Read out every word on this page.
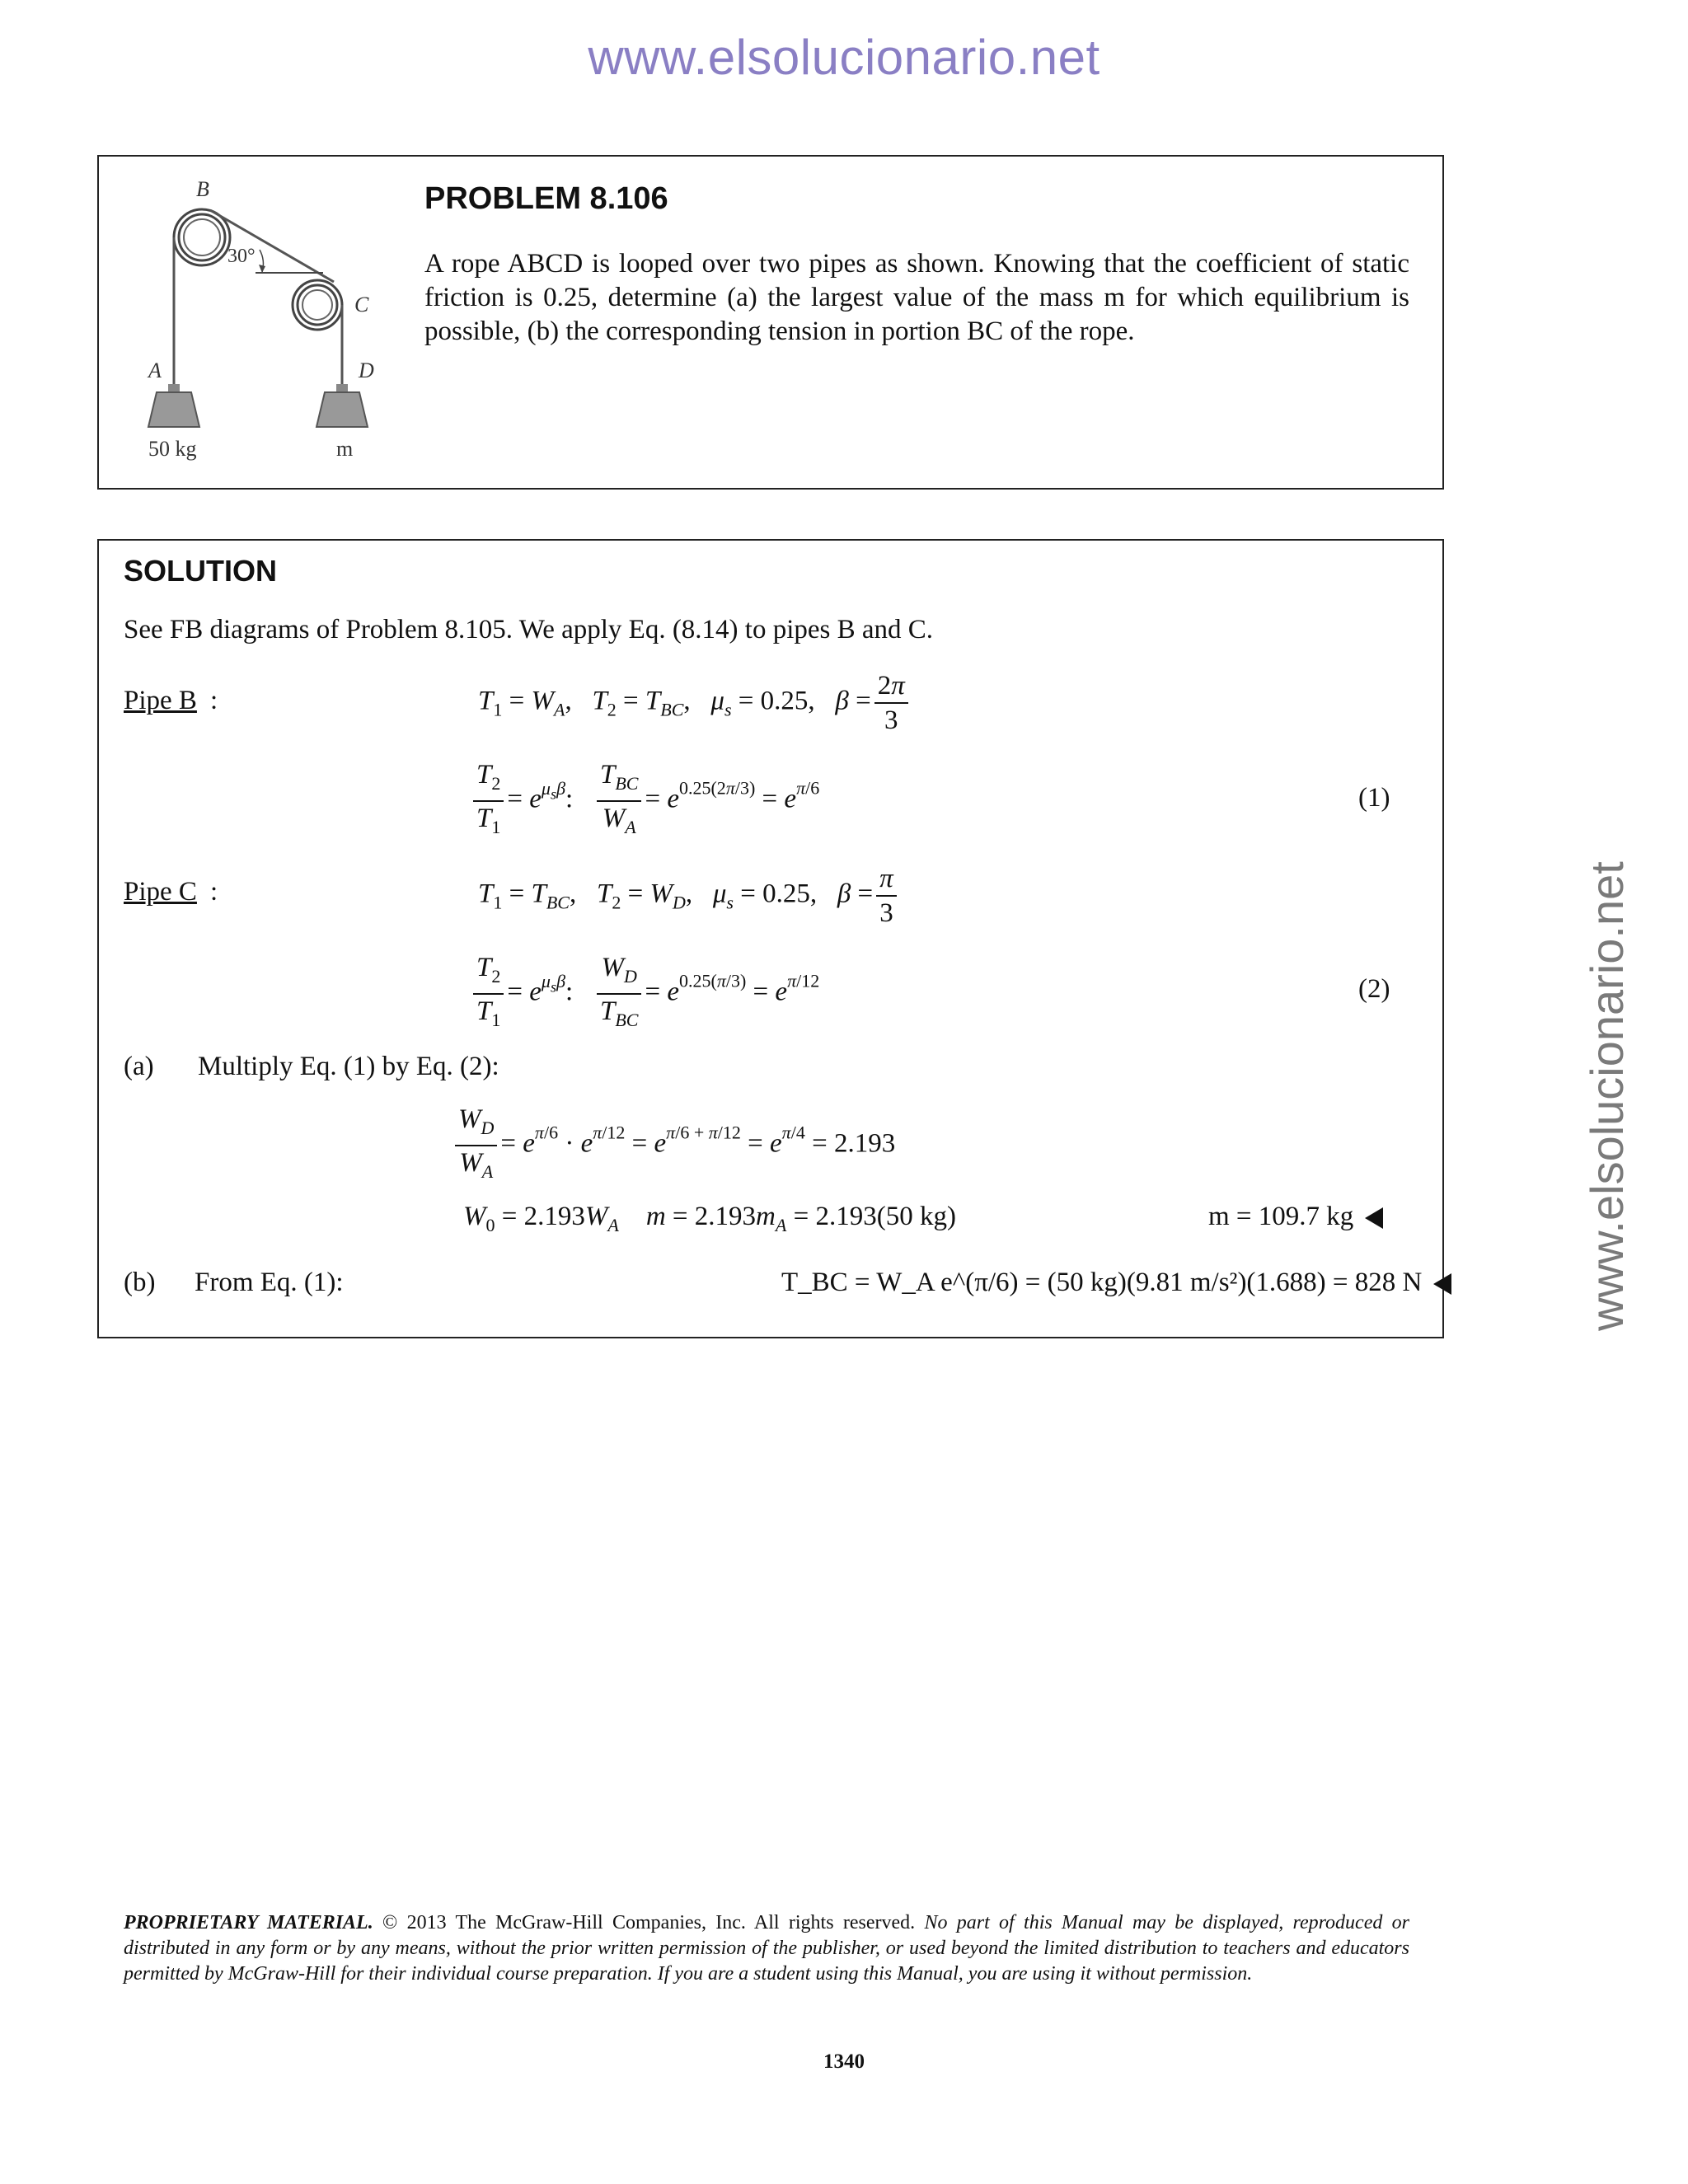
www.elsolucionario.net
www.elsolucionario.net
B
C
A	D
30°
50 kg	m
PROBLEM 8.106
A rope ABCD is looped over two pipes as shown. Knowing that the coefficient of static friction is 0.25, determine (a) the largest value of the mass m for which equilibrium is possible, (b) the corresponding tension in portion BC of the rope.
SOLUTION
See FB diagrams of Problem 8.105. We apply Eq. (8.14) to pipes B and C.
Pipe B :	$T_1 = W_A$,   $T_2 = T_{BC}$,   $\mu_s = 0.25$,   $\beta = \frac{2\pi}{3}$
$\frac{T_2}{T_1} = e^{\mu_s\beta}$: $\frac{T_{BC}}{W_A} = e^{0.25(2\pi/3)} = e^{\pi/6}$	(1)
Pipe C :	$T_1 = T_{BC}$,   $T_2 = W_D$,   $\mu_s = 0.25$,   $\beta = \frac{\pi}{3}$
$\frac{T_2}{T_1} = e^{\mu_s\beta}$: $\frac{W_D}{T_{BC}} = e^{0.25(\pi/3)} = e^{\pi/12}$	(2)
(a) Multiply Eq. (1) by Eq. (2):
$\frac{W_D}{W_A} = e^{\pi/6} \cdot e^{\pi/12} = e^{\pi/6 + \pi/12} = e^{\pi/4} = 2.193$
$W_0 = 2.193W_A$    $m = 2.193m_A = 2.193(50$ kg)	m = 109.7 kg
(b) From Eq. (1):	T_BC = W_A e^(π/6) = (50 kg)(9.81 m/s²)(1.688) = 828 N
PROPRIETARY MATERIAL. © 2013 The McGraw-Hill Companies, Inc. All rights reserved. No part of this Manual may be displayed, reproduced or distributed in any form or by any means, without the prior written permission of the publisher, or used beyond the limited distribution to teachers and educators permitted by McGraw-Hill for their individual course preparation. If you are a student using this Manual, you are using it without permission.
1340
